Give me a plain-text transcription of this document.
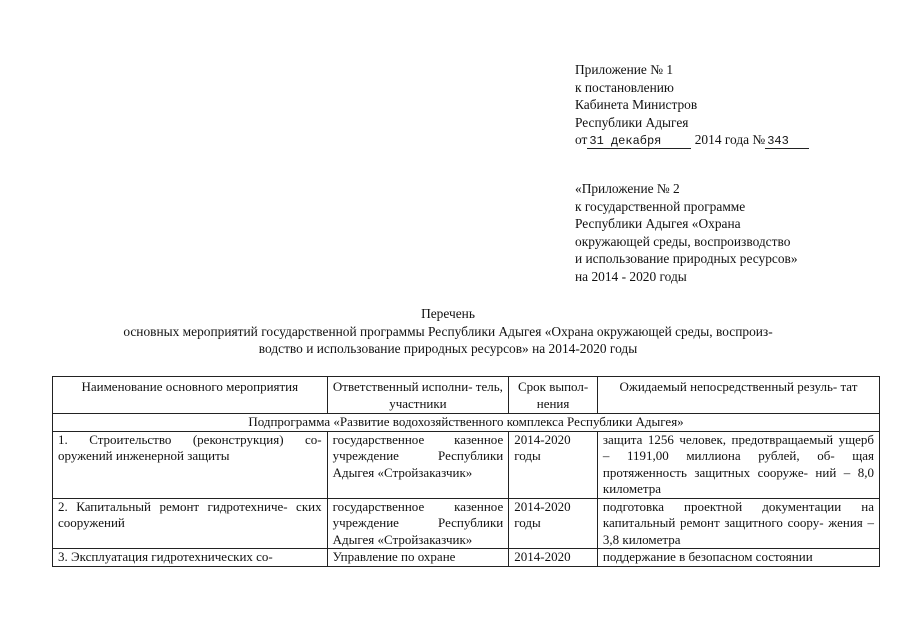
Приложение № 1
к постановлению
Кабинета Министров
Республики Адыгея
от 31 декабря 2014 года № 343
«Приложение № 2
к государственной программе
Республики Адыгея «Охрана
окружающей среды, воспроизводство
и использование природных ресурсов»
на 2014 - 2020 годы
Перечень
основных мероприятий государственной программы Республики Адыгея «Охрана окружающей среды, воспроиз-
водство и использование природных ресурсов» на 2014-2020 годы
Наименование основного мероприятия	Ответственный исполни- тель, участники	Срок выпол- нения	Ожидаемый непосредственный резуль- тат
Подпрограмма «Развитие водохозяйственного комплекса Республики Адыгея»			
1. Строительство (реконструкция) со- оружений инженерной защиты	государственное казенное учреждение Республики Адыгея «Стройзаказчик»	2014-2020 годы	защита 1256 человек, предотвращаемый ущерб – 1191,00 миллиона рублей, об- щая протяженность защитных сооруже- ний – 8,0 километра
2. Капитальный ремонт гидротехниче- ских сооружений	государственное казенное учреждение Республики Адыгея «Стройзаказчик»	2014-2020 годы	подготовка проектной документации на капитальный ремонт защитного соору- жения – 3,8 километра
3. Эксплуатация гидротехнических со-	Управление по охране	2014-2020	поддержание в безопасном состоянии
